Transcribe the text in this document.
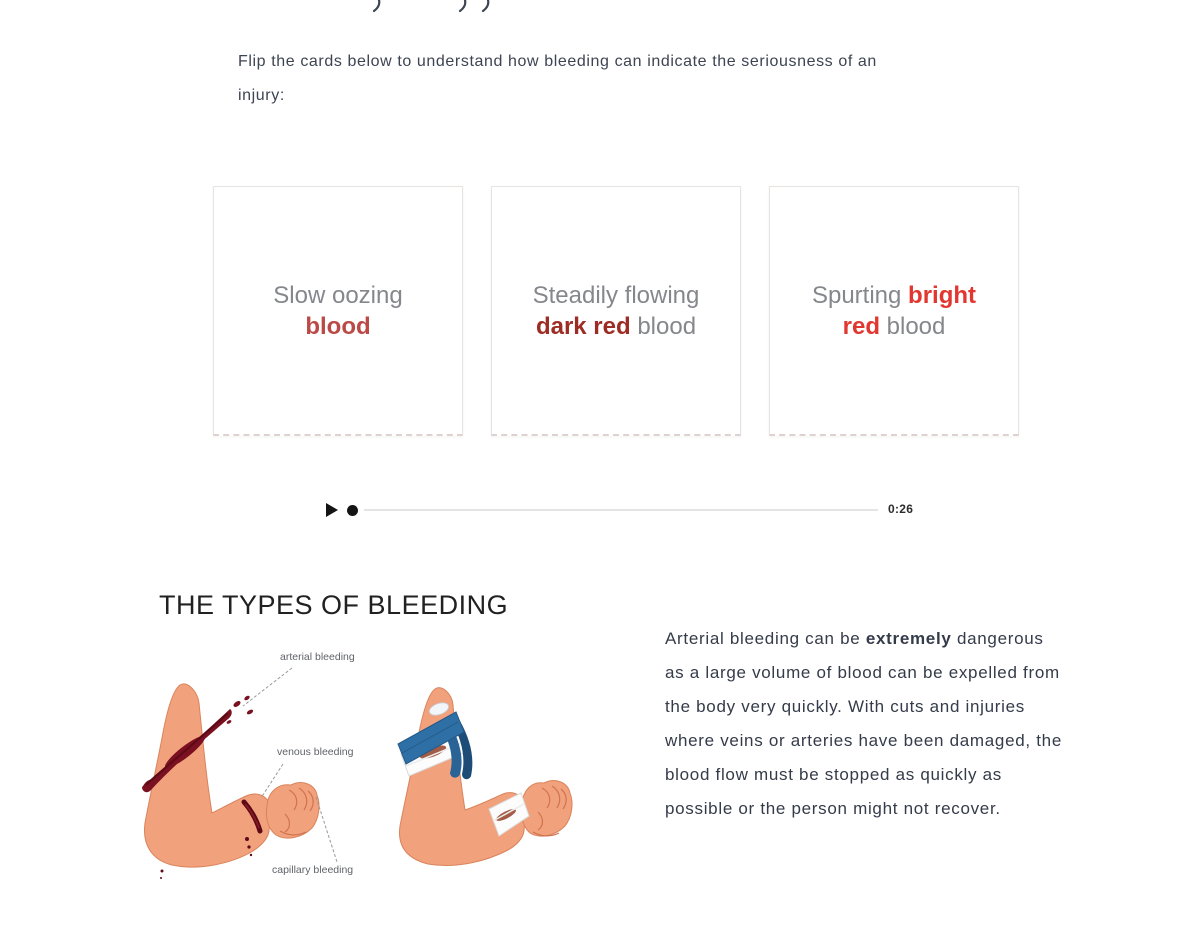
Flip the cards below to understand how bleeding can indicate the seriousness of an
injury:
Slow oozing blood
Steadily flowing dark red blood
Spurting bright red blood
0:26
THE TYPES OF BLEEDING
arterial bleeding
venous bleeding
capillary bleeding

Arterial bleeding can be extremely dangerous
as a large volume of blood can be expelled from
the body very quickly. With cuts and injuries
where veins or arteries have been damaged, the
blood flow must be stopped as quickly as
possible or the person might not recover.
